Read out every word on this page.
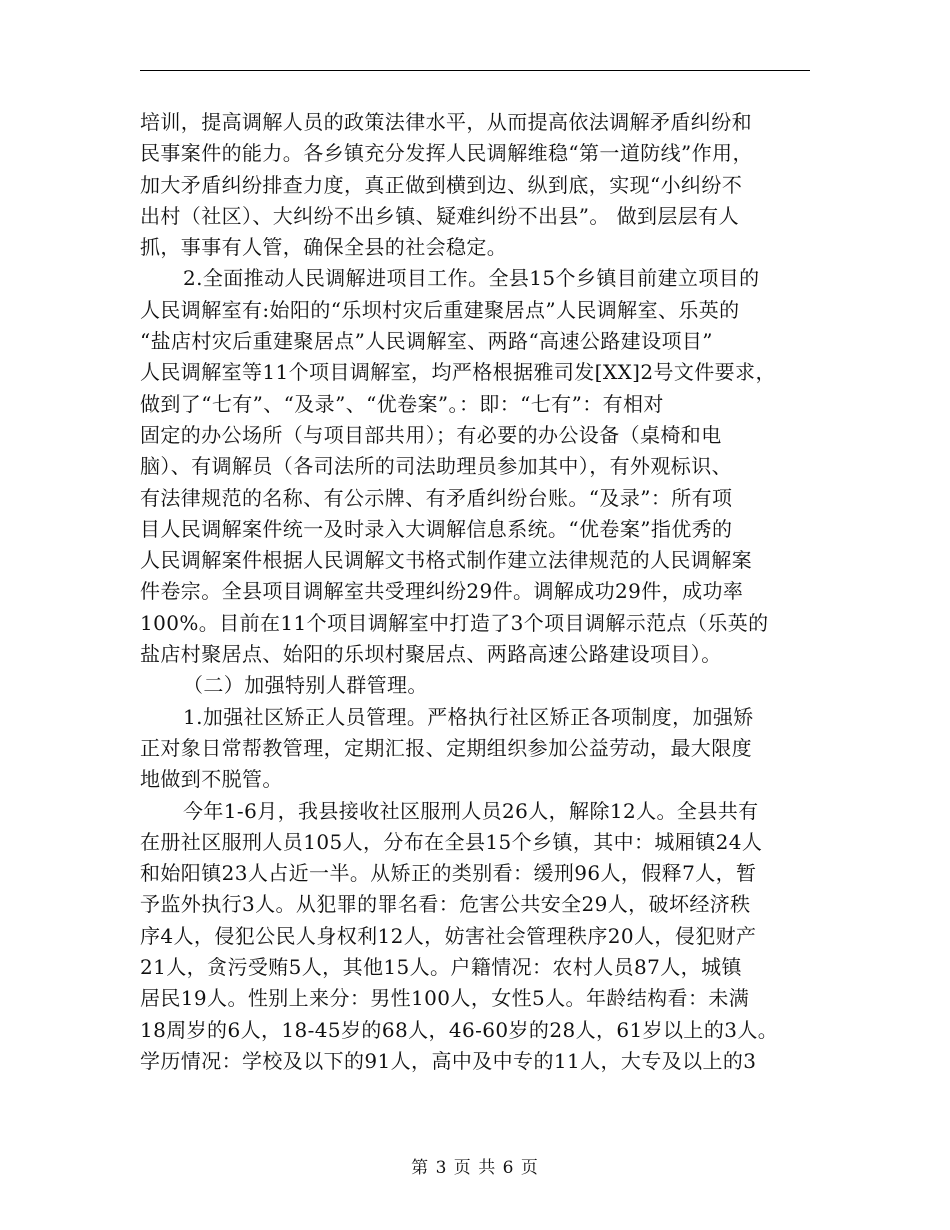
培训，提高调解人员的政策法律水平，从而提高依法调解矛盾纠纷和
民事案件的能力。各乡镇充分发挥人民调解维稳“第一道防线”作用，
加大矛盾纠纷排查力度，真正做到横到边、纵到底，实现“小纠纷不
出村（社区）、大纠纷不出乡镇、疑难纠纷不出县”。 做到层层有人
抓，事事有人管，确保全县的社会稳定。
2.全面推动人民调解进项目工作。全县15个乡镇目前建立项目的
人民调解室有:始阳的“乐坝村灾后重建聚居点”人民调解室、乐英的
“盐店村灾后重建聚居点”人民调解室、两路“高速公路建设项目”
人民调解室等11个项目调解室，均严格根据雅司发[XX]2号文件要求，
做到了“七有”、“及录”、“优卷案”。：即：“七有”：有相对
固定的办公场所（与项目部共用）；有必要的办公设备（桌椅和电
脑）、有调解员（各司法所的司法助理员参加其中），有外观标识、
有法律规范的名称、有公示牌、有矛盾纠纷台账。“及录”：所有项
目人民调解案件统一及时录入大调解信息系统。“优卷案”指优秀的
人民调解案件根据人民调解文书格式制作建立法律规范的人民调解案
件卷宗。全县项目调解室共受理纠纷29件。调解成功29件，成功率
100%。目前在11个项目调解室中打造了3个项目调解示范点（乐英的
盐店村聚居点、始阳的乐坝村聚居点、两路高速公路建设项目）。
（二）加强特别人群管理。
1.加强社区矫正人员管理。严格执行社区矫正各项制度，加强矫
正对象日常帮教管理，定期汇报、定期组织参加公益劳动，最大限度
地做到不脱管。
今年1-6月，我县接收社区服刑人员26人，解除12人。全县共有
在册社区服刑人员105人，分布在全县15个乡镇，其中：城厢镇24人
和始阳镇23人占近一半。从矫正的类别看：缓刑96人，假释7人，暂
予监外执行3人。从犯罪的罪名看：危害公共安全29人，破坏经济秩
序4人，侵犯公民人身权利12人，妨害社会管理秩序20人，侵犯财产
21人，贪污受贿5人，其他15人。户籍情况：农村人员87人，城镇
居民19人。性别上来分：男性100人，女性5人。年龄结构看：未满
18周岁的6人，18-45岁的68人，46-60岁的28人，61岁以上的3人。
学历情况：学校及以下的91人，高中及中专的11人，大专及以上的3
第 3 页 共 6 页
